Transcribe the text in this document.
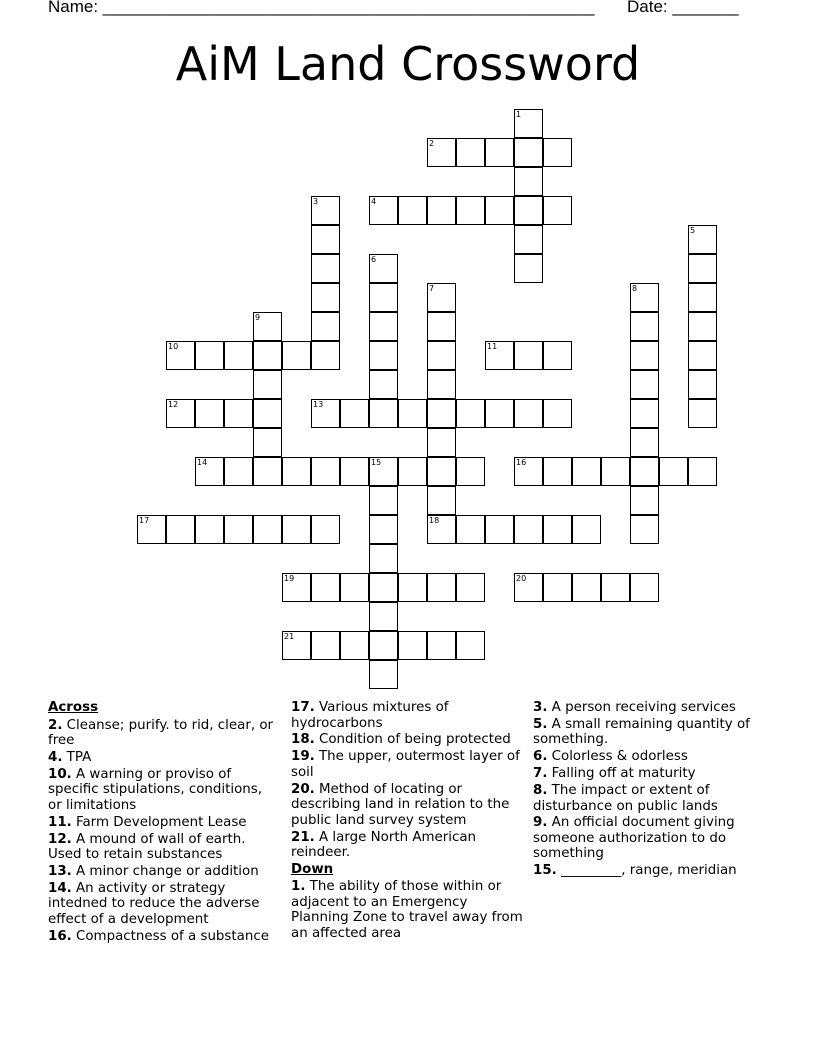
Name: ____________________________________________________ Date: _______
AiM Land Crossword
1
2
3	4
5
6
7	8
9
10	11
12	13
14	15	16
17	18
19	20
21
Across
2. Cleanse; purify. to rid, clear, or free
4. TPA
10. A warning or proviso of specific stipulations, conditions, or limitations
11. Farm Development Lease
12. A mound of wall of earth. Used to retain substances
13. A minor change or addition
14. An activity or strategy intedned to reduce the adverse effect of a development
16. Compactness of a substance
17. Various mixtures of hydrocarbons
18. Condition of being protected
19. The upper, outermost layer of soil
20. Method of locating or describing land in relation to the public land survey system
21. A large North American reindeer.
Down
1. The ability of those within or adjacent to an Emergency Planning Zone to travel away from an affected area
3. A person receiving services
5. A small remaining quantity of something.
6. Colorless & odorless
7. Falling off at maturity
8. The impact or extent of disturbance on public lands
9. An official document giving someone authorization to do something
15. _________, range, meridian
